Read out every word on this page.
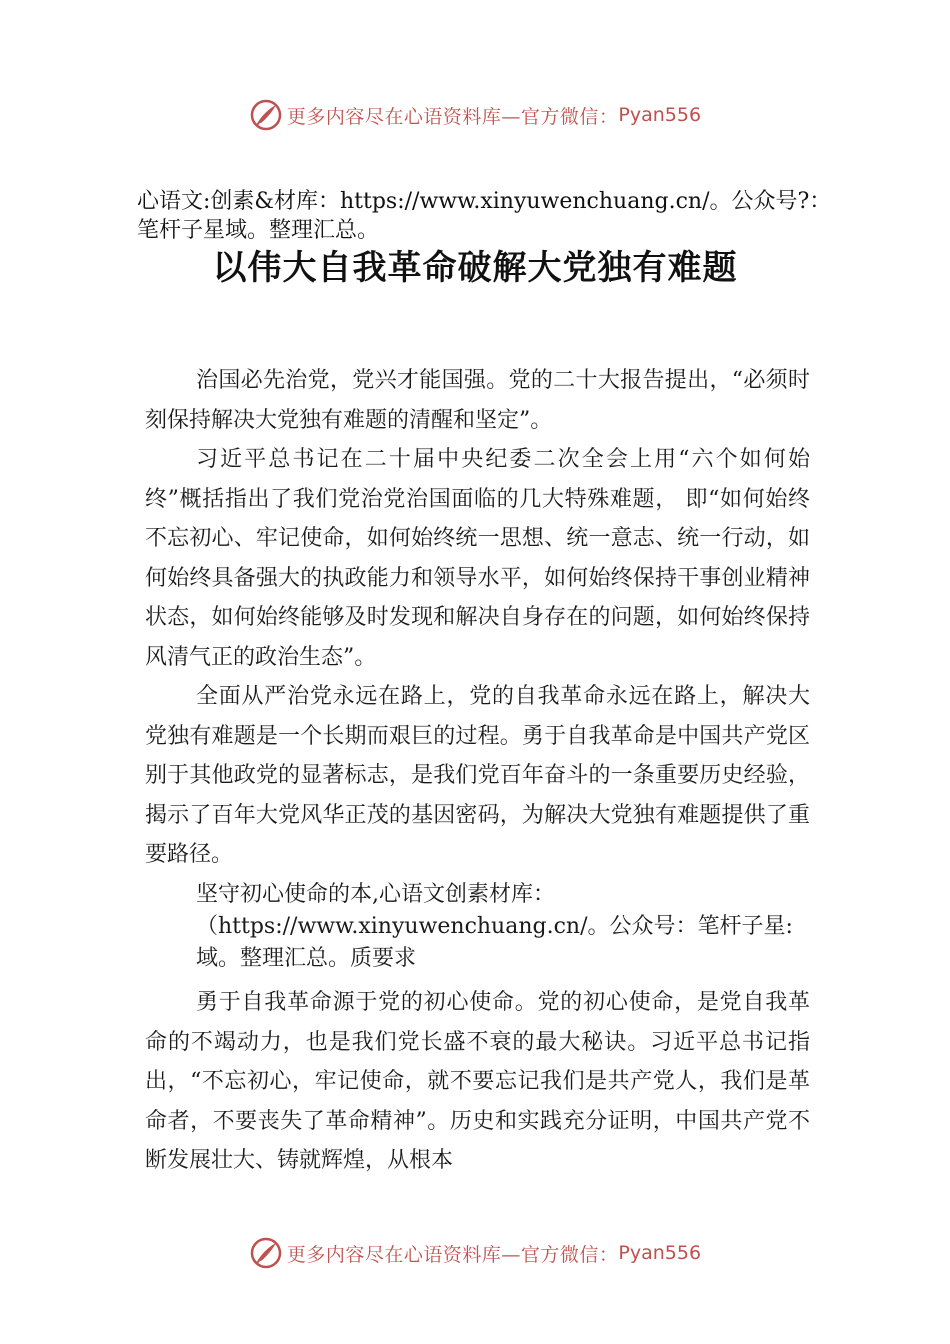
更多内容尽在心语资料库—官方微信： Pyan556
心语文:创素&材库：https://www.xinyuwenchuang.cn/。公众号?：笔杆子星域。整理汇总。
以伟大自我革命破解大党独有难题

治国必先治党，党兴才能国强。党的二十大报告提出，“必须时刻保持解决大党独有难题的清醒和坚定”。

习近平总书记在二十届中央纪委二次全会上用“六个如何始终”概括指出了我们党治党治国面临的几大特殊难题， 即“如何始终不忘初心、牢记使命，如何始终统一思想、统一意志、统一行动，如何始终具备强大的执政能力和领导水平，如何始终保持干事创业精神状态，如何始终能够及时发现和解决自身存在的问题，如何始终保持风清气正的政治生态”。

全面从严治党永远在路上，党的自我革命永远在路上，解决大党独有难题是一个长期而艰巨的过程。勇于自我革命是中国共产党区别于其他政党的显著标志，是我们党百年奋斗的一条重要历史经验，揭示了百年大党风华正茂的基因密码，为解决大党独有难题提供了重要路径。

坚守初心使命的本,心语文创素材库：（https://www.xinyuwenchuang.cn/。公众号：笔杆子星:域。整理汇总。质要求

勇于自我革命源于党的初心使命。党的初心使命，是党自我革命的不竭动力，也是我们党长盛不衰的最大秘诀。习近平总书记指出，“不忘初心，牢记使命，就不要忘记我们是共产党人，我们是革命者，不要丧失了革命精神”。历史和实践充分证明，中国共产党不断发展壮大、铸就辉煌，从根本

更多内容尽在心语资料库—官方微信： Pyan556
